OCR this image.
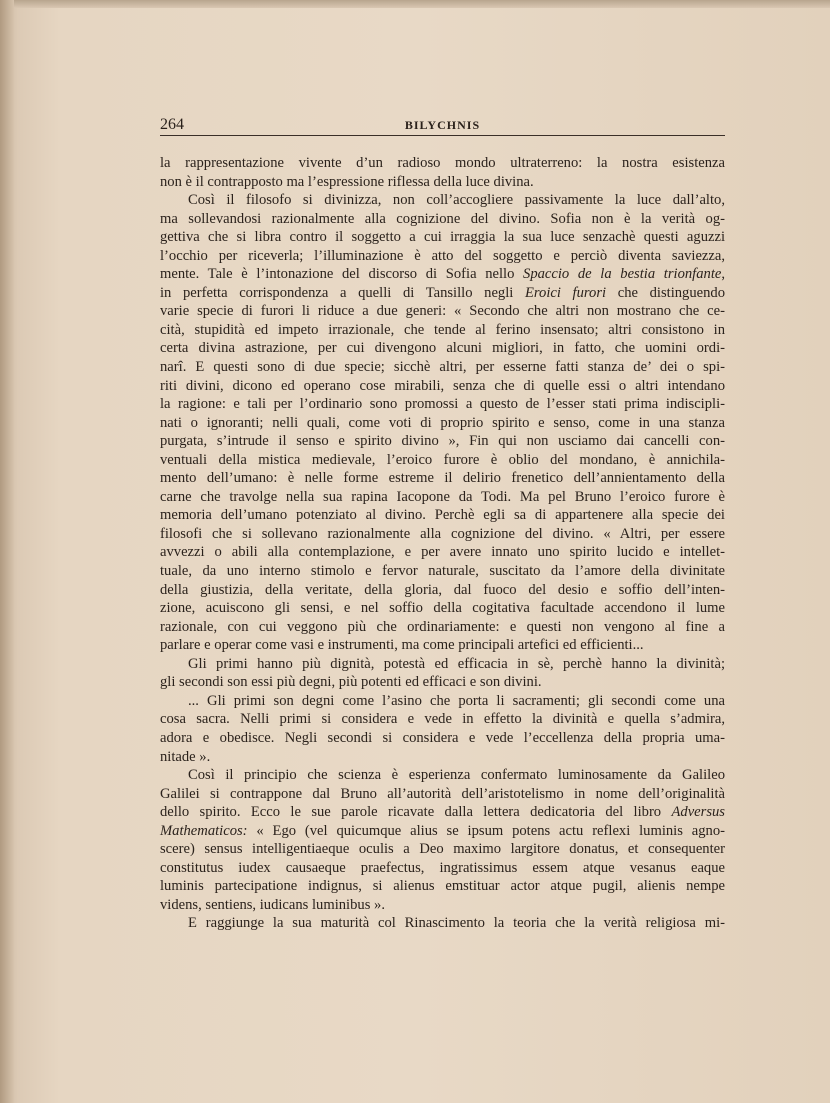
264	BILYCHNIS
la rappresentazione vivente d’un radioso mondo ultraterreno: la nostra esistenza
non è il contrapposto ma l’espressione riflessa della luce divina.
Così il filosofo si divinizza, non coll’accogliere passivamente la luce dall’alto,
ma sollevandosi razionalmente alla cognizione del divino. Sofia non è la verità og-
gettiva che si libra contro il soggetto a cui irraggia la sua luce senzachè questi aguzzi
l’occhio per riceverla; l’illuminazione è atto del soggetto e perciò diventa saviezza,
mente. Tale è l’intonazione del discorso di Sofia nello Spaccio de la bestia trionfante,
in perfetta corrispondenza a quelli di Tansillo negli Eroici furori che distinguendo
varie specie di furori li riduce a due generi: « Secondo che altri non mostrano che ce-
cità, stupidità ed impeto irrazionale, che tende al ferino insensato; altri consistono in
certa divina astrazione, per cui divengono alcuni migliori, in fatto, che uomini ordi-
narî. E questi sono di due specie; sicchè altri, per esserne fatti stanza de’ dei o spi-
riti divini, dicono ed operano cose mirabili, senza che di quelle essi o altri intendano
la ragione: e tali per l’ordinario sono promossi a questo de l’esser stati prima indiscipli-
nati o ignoranti; nelli quali, come voti di proprio spirito e senso, come in una stanza
purgata, s’intrude il senso e spirito divino », Fin qui non usciamo dai cancelli con-
ventuali della mistica medievale, l’eroico furore è oblio del mondano, è annichila-
mento dell’umano: è nelle forme estreme il delirio frenetico dell’annientamento della
carne che travolge nella sua rapina Iacopone da Todi. Ma pel Bruno l’eroico furore è
memoria dell’umano potenziato al divino. Perchè egli sa di appartenere alla specie dei
filosofi che si sollevano razionalmente alla cognizione del divino. « Altri, per essere
avvezzi o abili alla contemplazione, e per avere innato uno spirito lucido e intellet-
tuale, da uno interno stimolo e fervor naturale, suscitato da l’amore della divinitate
della giustizia, della veritate, della gloria, dal fuoco del desio e soffio dell’inten-
zione, acuiscono gli sensi, e nel soffio della cogitativa facultade accendono il lume
razionale, con cui veggono più che ordinariamente: e questi non vengono al fine a
parlare e operar come vasi e instrumenti, ma come principali artefici ed efficienti...
Gli primi hanno più dignità, potestà ed efficacia in sè, perchè hanno la divinità;
gli secondi son essi più degni, più potenti ed efficaci e son divini.
... Gli primi son degni come l’asino che porta li sacramenti; gli secondi come una
cosa sacra. Nelli primi si considera e vede in effetto la divinità e quella s’admira,
adora e obedisce. Negli secondi si considera e vede l’eccellenza della propria uma-
nitade ».
Così il principio che scienza è esperienza confermato luminosamente da Galileo
Galilei si contrappone dal Bruno all’autorità dell’aristotelismo in nome dell’originalità
dello spirito. Ecco le sue parole ricavate dalla lettera dedicatoria del libro Adversus
Mathematicos: « Ego (vel quicumque alius se ipsum potens actu reflexi luminis agno-
scere) sensus intelligentiaeque oculis a Deo maximo largitore donatus, et consequenter
constitutus iudex causaeque praefectus, ingratissimus essem atque vesanus eaque
luminis partecipatione indignus, si alienus emstituar actor atque pugil, alienis nempe
videns, sentiens, iudicans luminibus ».
E raggiunge la sua maturità col Rinascimento la teoria che la verità religiosa mi-
